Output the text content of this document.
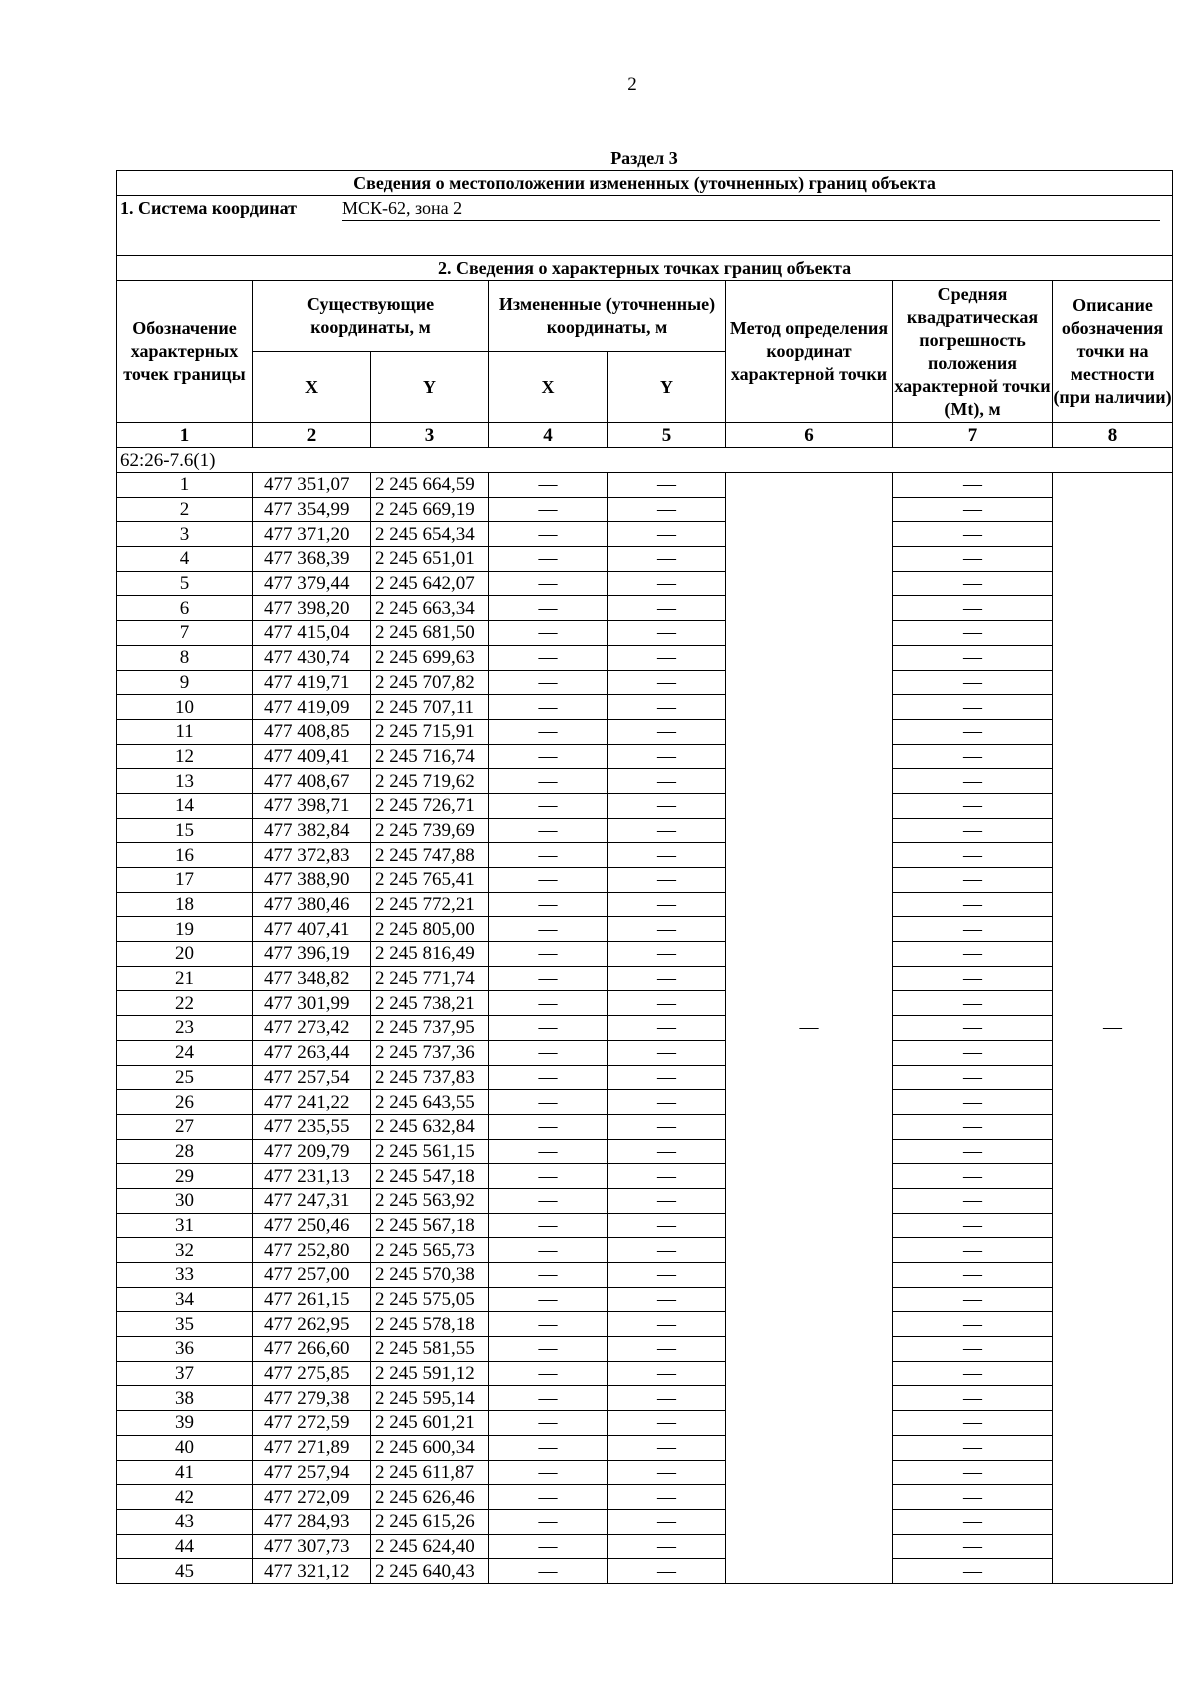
2
Раздел 3
Сведения о местоположении измененных (уточненных) границ объекта							

1. Система координат МСК-62, зона 2							

2. Сведения о характерных точках границ объекта							
Обозначение характерных точек границы	Существующие координаты, м		Измененные (уточненные) координаты, м		Метод определения координат характерной точки	Средняя квадратическая погрешность положения характерной точки (Mt), м	Описание обозначения точки на местности (при наличии)
	X	Y	X	Y			
1	2	3	4	5	6	7	8
62:26-7.6(1)							
1	477 351,07	2 245 664,59	—	—	—	—	—
2	477 354,99	2 245 669,19	—	—		—	
3	477 371,20	2 245 654,34	—	—		—	
4	477 368,39	2 245 651,01	—	—		—	
5	477 379,44	2 245 642,07	—	—		—	
6	477 398,20	2 245 663,34	—	—		—	
7	477 415,04	2 245 681,50	—	—		—	
8	477 430,74	2 245 699,63	—	—		—	
9	477 419,71	2 245 707,82	—	—		—	
10	477 419,09	2 245 707,11	—	—		—	
11	477 408,85	2 245 715,91	—	—		—	
12	477 409,41	2 245 716,74	—	—		—	
13	477 408,67	2 245 719,62	—	—		—	
14	477 398,71	2 245 726,71	—	—		—	
15	477 382,84	2 245 739,69	—	—		—	
16	477 372,83	2 245 747,88	—	—		—	
17	477 388,90	2 245 765,41	—	—		—	
18	477 380,46	2 245 772,21	—	—		—	
19	477 407,41	2 245 805,00	—	—		—	
20	477 396,19	2 245 816,49	—	—		—	
21	477 348,82	2 245 771,74	—	—		—	
22	477 301,99	2 245 738,21	—	—		—	
23	477 273,42	2 245 737,95	—	—		—	
24	477 263,44	2 245 737,36	—	—		—	
25	477 257,54	2 245 737,83	—	—		—	
26	477 241,22	2 245 643,55	—	—		—	
27	477 235,55	2 245 632,84	—	—		—	
28	477 209,79	2 245 561,15	—	—		—	
29	477 231,13	2 245 547,18	—	—		—	
30	477 247,31	2 245 563,92	—	—		—	
31	477 250,46	2 245 567,18	—	—		—	
32	477 252,80	2 245 565,73	—	—		—	
33	477 257,00	2 245 570,38	—	—		—	
34	477 261,15	2 245 575,05	—	—		—	
35	477 262,95	2 245 578,18	—	—		—	
36	477 266,60	2 245 581,55	—	—		—	
37	477 275,85	2 245 591,12	—	—		—	
38	477 279,38	2 245 595,14	—	—		—	
39	477 272,59	2 245 601,21	—	—		—	
40	477 271,89	2 245 600,34	—	—		—	
41	477 257,94	2 245 611,87	—	—		—	
42	477 272,09	2 245 626,46	—	—		—	
43	477 284,93	2 245 615,26	—	—		—	
44	477 307,73	2 245 624,40	—	—		—	
45	477 321,12	2 245 640,43	—	—		—	
